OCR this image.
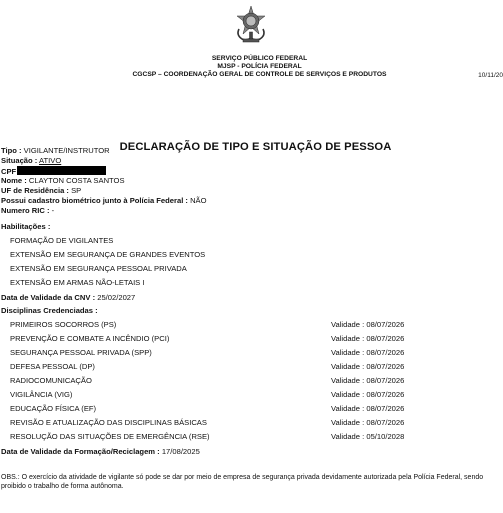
SERVIÇO PÚBLICO FEDERAL
MJSP - POLÍCIA FEDERAL
CGCSP – COORDENAÇÃO GERAL DE CONTROLE DE SERVIÇOS E PRODUTOS	10/11/20
DECLARAÇÃO DE TIPO E SITUAÇÃO DE PESSOA
Tipo : VIGILANTE/INSTRUTOR
Situação : ATIVO
CPF
Nome : CLAYTON COSTA SANTOS
UF de Residência : SP
Possui cadastro biométrico junto à Polícia Federal : NÃO
Numero RIC : -
Habilitações :
FORMAÇÃO DE VIGILANTES
EXTENSÃO EM SEGURANÇA DE GRANDES EVENTOS
EXTENSÃO EM SEGURANÇA PESSOAL PRIVADA
EXTENSÃO EM ARMAS NÃO-LETAIS I
Data de Validade da CNV : 25/02/2027
Disciplinas Credenciadas :
PRIMEIROS SOCORROS (PS)	Validade : 08/07/2026
PREVENÇÃO E COMBATE A INCÊNDIO (PCI)	Validade : 08/07/2026
SEGURANÇA PESSOAL PRIVADA (SPP)	Validade : 08/07/2026
DEFESA PESSOAL (DP)	Validade : 08/07/2026
RADIOCOMUNICAÇÃO	Validade : 08/07/2026
VIGILÂNCIA (VIG)	Validade : 08/07/2026
EDUCAÇÃO FÍSICA (EF)	Validade : 08/07/2026
REVISÃO E ATUALIZAÇÃO DAS DISCIPLINAS BÁSICAS	Validade : 08/07/2026
RESOLUÇÃO DAS SITUAÇÕES DE EMERGÊNCIA (RSE)	Validade : 05/10/2028
Data de Validade da Formação/Reciclagem : 17/08/2025
OBS.: O exercício da atividade de vigilante só pode se dar por meio de empresa de segurança privada devidamente autorizada pela Polícia Federal, sendo proibido o trabalho de forma autônoma.
